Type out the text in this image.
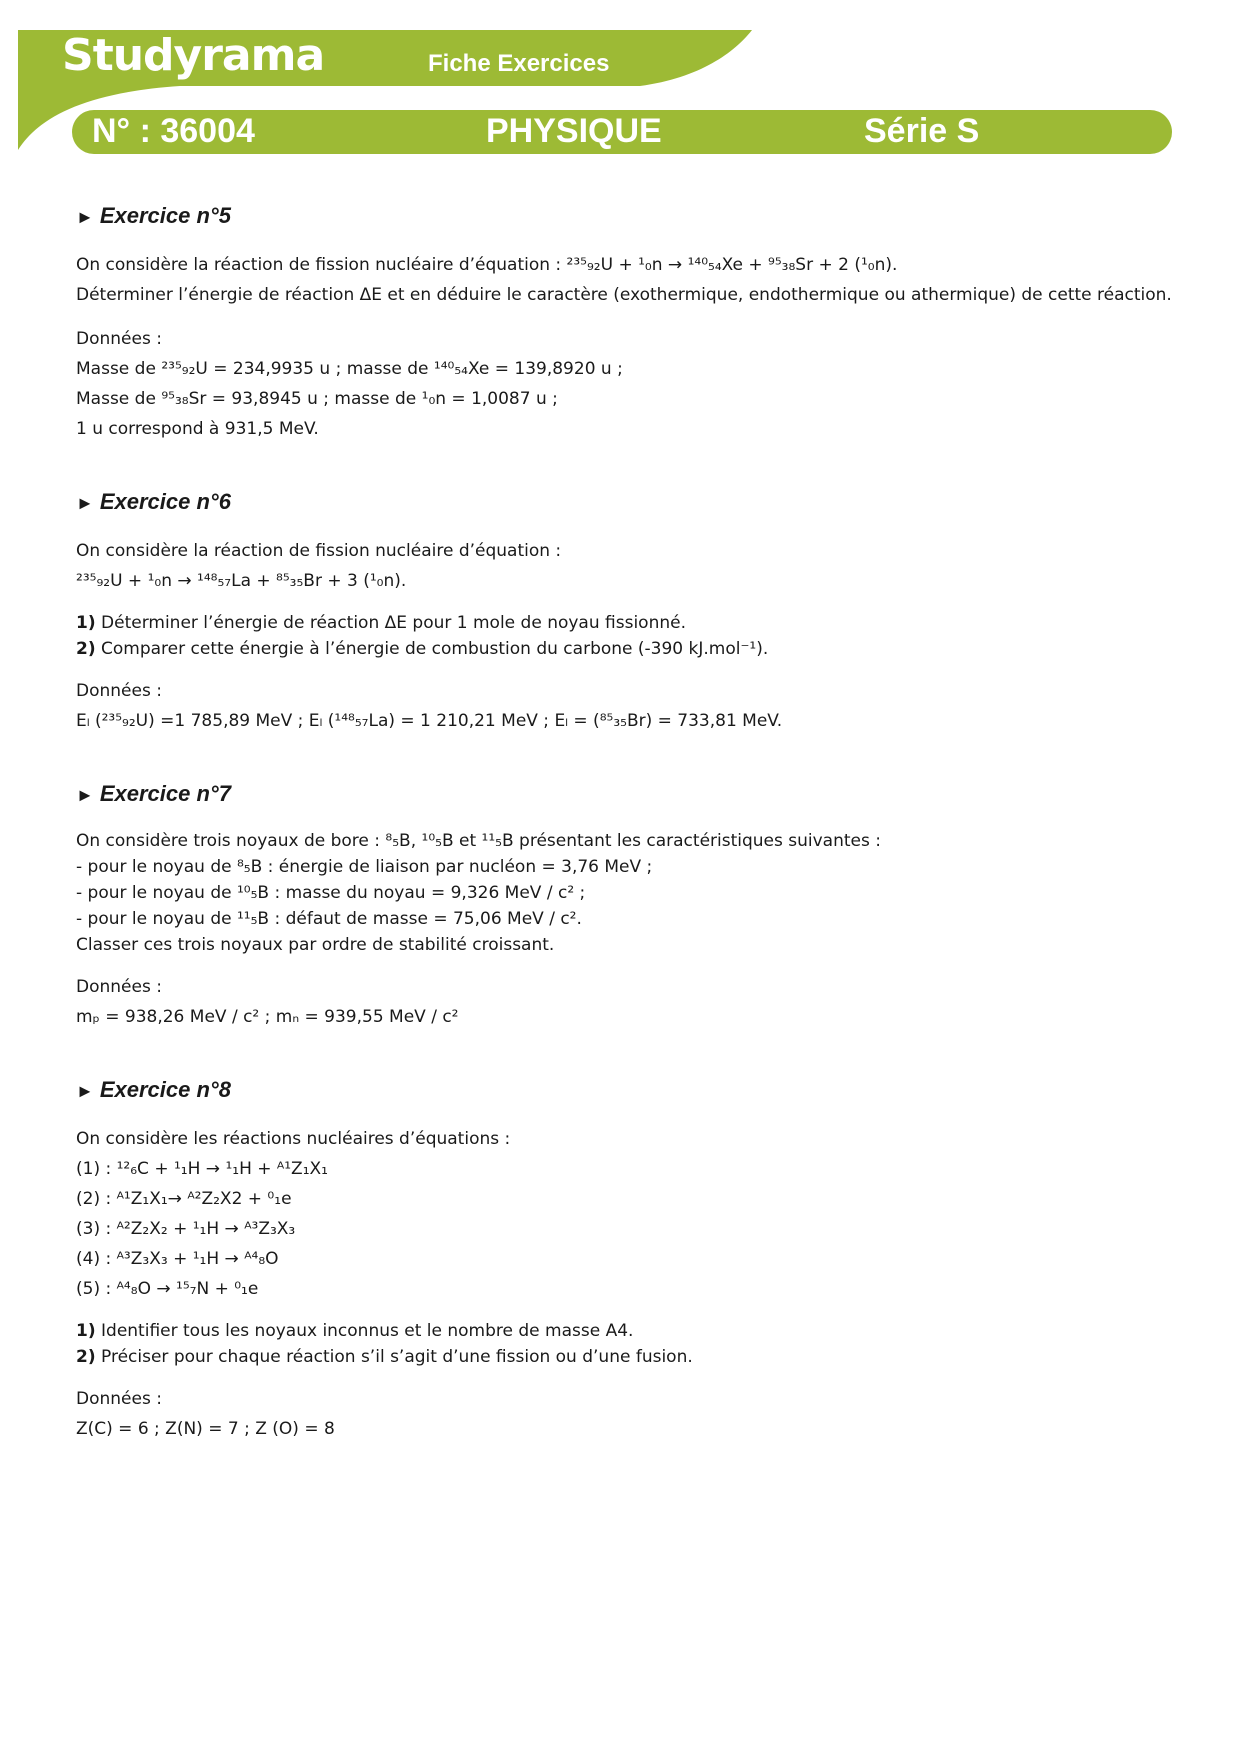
Studyrama	Fiche Exercices
N° : 36004	PHYSIQUE	Série S
► Exercice n°5

On considère la réaction de fission nucléaire d’équation : ²³⁵₉₂U + ¹₀n → ¹⁴⁰₅₄Xe + ⁹⁵₃₈Sr + 2 (¹₀n).

Déterminer l’énergie de réaction ΔE et en déduire le caractère (exothermique, endothermique ou athermique) de cette réaction.

Données :

Masse de ²³⁵₉₂U = 234,9935 u ; masse de ¹⁴⁰₅₄Xe = 139,8920 u ;

Masse de ⁹⁵₃₈Sr = 93,8945 u ; masse de ¹₀n = 1,0087 u ;

1 u correspond à 931,5 MeV.

► Exercice n°6

On considère la réaction de fission nucléaire d’équation :

²³⁵₉₂U + ¹₀n → ¹⁴⁸₅₇La + ⁸⁵₃₅Br + 3 (¹₀n).

1) Déterminer l’énergie de réaction ΔE pour 1 mole de noyau fissionné.

2) Comparer cette énergie à l’énergie de combustion du carbone (-390 kJ.mol⁻¹).

Données :

Eₗ (²³⁵₉₂U) =1 785,89 MeV ; Eₗ (¹⁴⁸₅₇La) = 1 210,21 MeV ; Eₗ = (⁸⁵₃₅Br) = 733,81 MeV.

► Exercice n°7

On considère trois noyaux de bore : ⁸₅B, ¹⁰₅B et ¹¹₅B présentant les caractéristiques suivantes :

- pour le noyau de ⁸₅B : énergie de liaison par nucléon = 3,76 MeV ;

- pour le noyau de ¹⁰₅B : masse du noyau = 9,326 MeV / c² ;

- pour le noyau de ¹¹₅B : défaut de masse = 75,06 MeV / c².

Classer ces trois noyaux par ordre de stabilité croissant.

Données :

mₚ = 938,26 MeV / c² ; mₙ = 939,55 MeV / c²

► Exercice n°8

On considère les réactions nucléaires d’équations :

(1) : ¹²₆C + ¹₁H → ¹₁H + ᴬ¹Z₁X₁

(2) : ᴬ¹Z₁X₁→ ᴬ²Z₂X2 + ⁰₁e

(3) : ᴬ²Z₂X₂ + ¹₁H → ᴬ³Z₃X₃

(4) : ᴬ³Z₃X₃ + ¹₁H → ᴬ⁴₈O

(5) : ᴬ⁴₈O → ¹⁵₇N + ⁰₁e

1) Identifier tous les noyaux inconnus et le nombre de masse A4.

2) Préciser pour chaque réaction s’il s’agit d’une fission ou d’une fusion.

Données :

Z(C) = 6 ; Z(N) = 7 ; Z (O) = 8
